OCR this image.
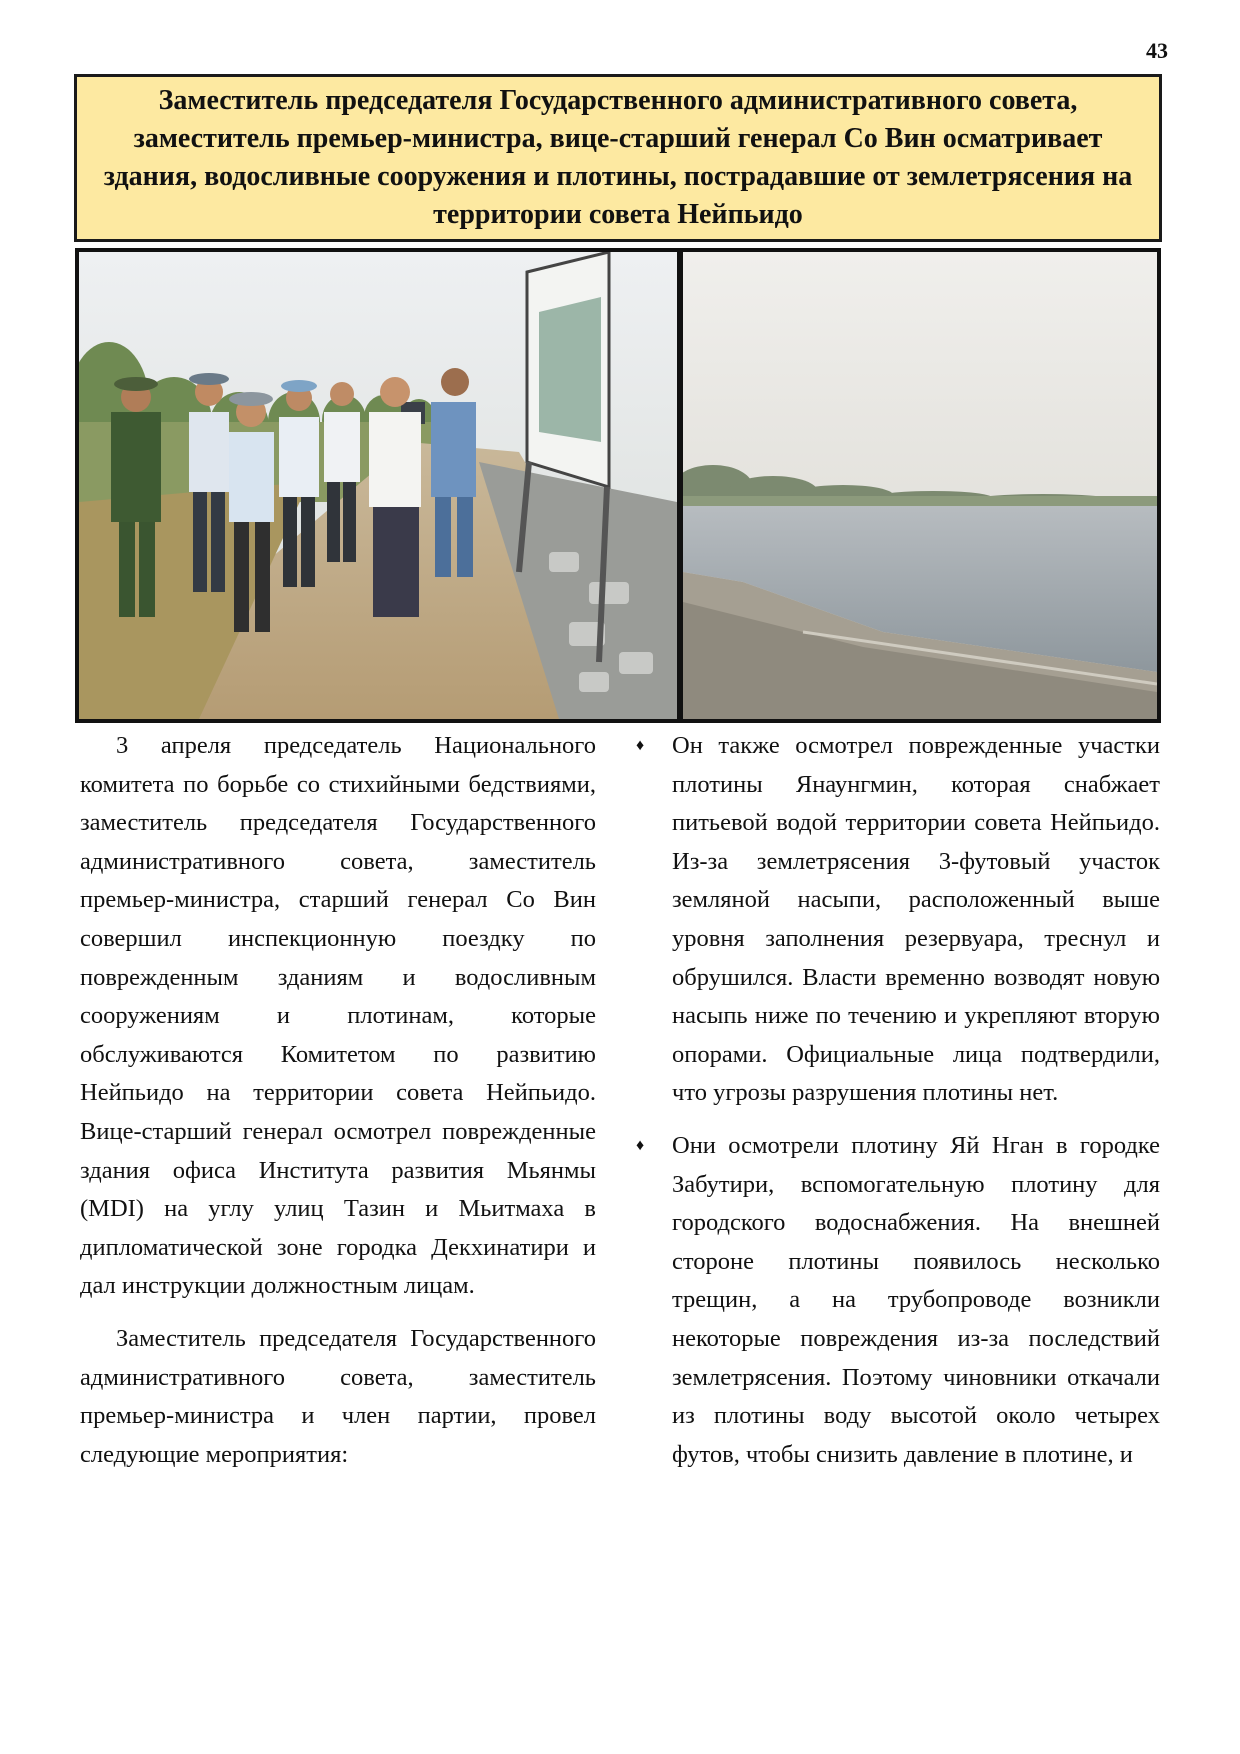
43
Заместитель председателя Государственного административного совета, заместитель премьер-министра, вице-старший генерал Со Вин осматривает здания, водосливные сооружения и плотины, пострадавшие от землетрясения на территории совета Нейпьидо

3 апреля председатель Национального комитета по борьбе со стихийными бедствиями, заместитель председателя Государственного административного совета, заместитель премьер-министра, старший генерал Со Вин совершил инспекционную поездку по поврежденным зданиям и водосливным сооружениям и плотинам, которые обслуживаются Комитетом по развитию Нейпьидо на территории совета Нейпьидо. Вице-старший генерал осмотрел поврежденные здания офиса Института развития Мьянмы (MDI) на углу улиц Тазин и Мьитмаха в дипломатической зоне городка Декхинатири и дал инструкции должностным лицам.

Заместитель председателя Государственного административного совета, заместитель премьер-министра и член партии, провел следующие мероприятия:

♦ Он также осмотрел поврежденные участки плотины Янаунгмин, которая снабжает питьевой водой территории совета Нейпьидо. Из-за землетрясения 3-футовый участок земляной насыпи, расположенный выше уровня заполнения резервуара, треснул и обрушился. Власти временно возводят новую насыпь ниже по течению и укрепляют вторую опорами. Официальные лица подтвердили, что угрозы разрушения плотины нет.

♦ Они осмотрели плотину Яй Нган в городке Забутири, вспомогательную плотину для городского водоснабжения. На внешней стороне плотины появилось несколько трещин, а на трубопроводе возникли некоторые повреждения из-за последствий землетрясения. Поэтому чиновники откачали из плотины воду высотой около четырех футов, чтобы снизить давление в плотине, и
